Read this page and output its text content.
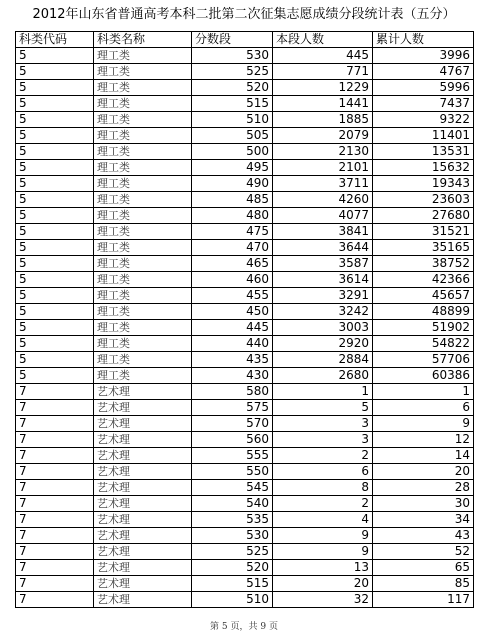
2012年山东省普通高考本科二批第二次征集志愿成绩分段统计表（五分）
科类代码	科类名称	分数段	本段人数	累计人数
5	理工类	530	445	3996
5	理工类	525	771	4767
5	理工类	520	1229	5996
5	理工类	515	1441	7437
5	理工类	510	1885	9322
5	理工类	505	2079	11401
5	理工类	500	2130	13531
5	理工类	495	2101	15632
5	理工类	490	3711	19343
5	理工类	485	4260	23603
5	理工类	480	4077	27680
5	理工类	475	3841	31521
5	理工类	470	3644	35165
5	理工类	465	3587	38752
5	理工类	460	3614	42366
5	理工类	455	3291	45657
5	理工类	450	3242	48899
5	理工类	445	3003	51902
5	理工类	440	2920	54822
5	理工类	435	2884	57706
5	理工类	430	2680	60386
7	艺术理	580	1	1
7	艺术理	575	5	6
7	艺术理	570	3	9
7	艺术理	560	3	12
7	艺术理	555	2	14
7	艺术理	550	6	20
7	艺术理	545	8	28
7	艺术理	540	2	30
7	艺术理	535	4	34
7	艺术理	530	9	43
7	艺术理	525	9	52
7	艺术理	520	13	65
7	艺术理	515	20	85
7	艺术理	510	32	117
第 5 页，共 9 页
